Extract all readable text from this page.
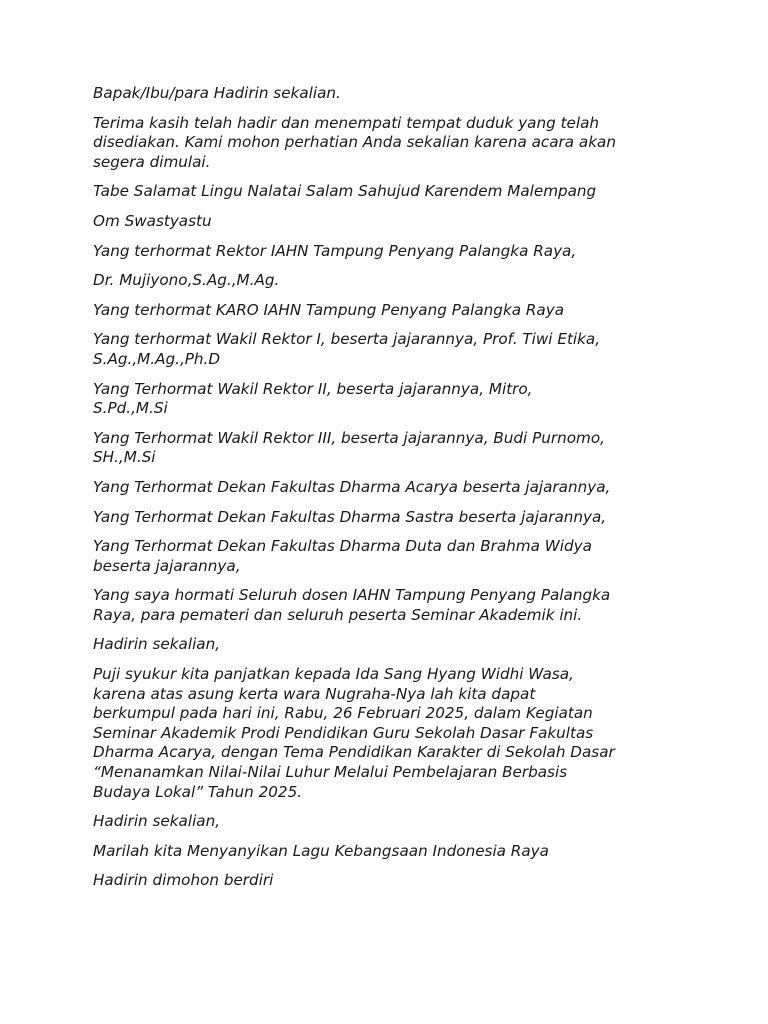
Bapak/Ibu/para Hadirin sekalian.

Terima kasih telah hadir dan menempati tempat duduk yang telah
disediakan. Kami mohon perhatian Anda sekalian karena acara akan
segera dimulai.

Tabe Salamat Lingu Nalatai Salam Sahujud Karendem Malempang

Om Swastyastu

Yang terhormat Rektor IAHN Tampung Penyang Palangka Raya,

Dr. Mujiyono,S.Ag.,M.Ag.

Yang terhormat KARO IAHN Tampung Penyang Palangka Raya

Yang terhormat Wakil Rektor I, beserta jajarannya, Prof. Tiwi Etika,
S.Ag.,M.Ag.,Ph.D

Yang Terhormat Wakil Rektor II, beserta jajarannya, Mitro,
S.Pd.,M.Si

Yang Terhormat Wakil Rektor III, beserta jajarannya, Budi Purnomo,
SH.,M.Si

Yang Terhormat Dekan Fakultas Dharma Acarya beserta jajarannya,

Yang Terhormat Dekan Fakultas Dharma Sastra beserta jajarannya,

Yang Terhormat Dekan Fakultas Dharma Duta dan Brahma Widya
beserta jajarannya,

Yang saya hormati Seluruh dosen IAHN Tampung Penyang Palangka
Raya, para pemateri dan seluruh peserta Seminar Akademik ini.

Hadirin sekalian,

Puji syukur kita panjatkan kepada Ida Sang Hyang Widhi Wasa,
karena atas asung kerta wara Nugraha-Nya lah kita dapat
berkumpul pada hari ini, Rabu, 26 Februari 2025, dalam Kegiatan
Seminar Akademik Prodi Pendidikan Guru Sekolah Dasar Fakultas
Dharma Acarya, dengan Tema Pendidikan Karakter di Sekolah Dasar
“Menanamkan Nilai-Nilai Luhur Melalui Pembelajaran Berbasis
Budaya Lokal” Tahun 2025.

Hadirin sekalian,

Marilah kita Menyanyikan Lagu Kebangsaan Indonesia Raya

Hadirin dimohon berdiri
